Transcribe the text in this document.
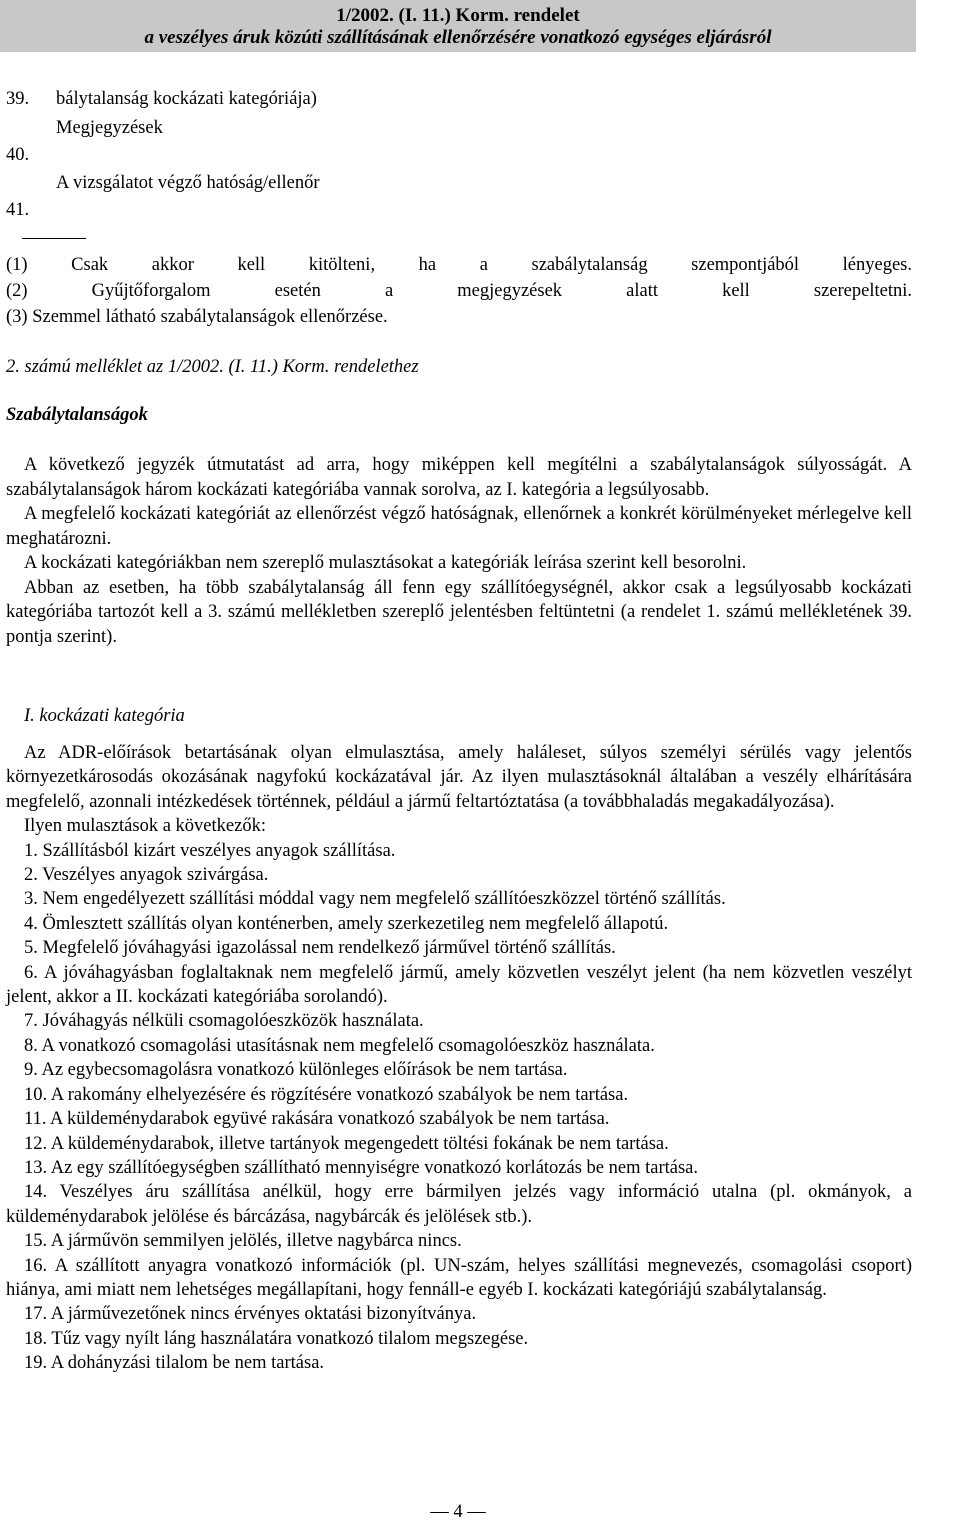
1/2002. (I. 11.) Korm. rendelet
a veszélyes áruk közúti szállításának ellenőrzésére vonatkozó egységes eljárásról
39. bálytalanság kockázati kategóriája)
Megjegyzések
40.
A vizsgálatot végző hatóság/ellenőr
41.
(1) Csak akkor kell kitölteni, ha a szabálytalanság szempontjából lényeges.
(2) Gyűjtőforgalom esetén a megjegyzések alatt kell szerepeltetni.
(3) Szemmel látható szabálytalanságok ellenőrzése.
2. számú melléklet az 1/2002. (I. 11.) Korm. rendelethez
Szabálytalanságok

A következő jegyzék útmutatást ad arra, hogy miképpen kell megítélni a szabálytalanságok súlyosságát. A szabálytalanságok három kockázati kategóriába vannak sorolva, az I. kategória a legsúlyosabb.

A megfelelő kockázati kategóriát az ellenőrzést végző hatóságnak, ellenőrnek a konkrét körülményeket mérlegelve kell meghatározni.

A kockázati kategóriákban nem szereplő mulasztásokat a kategóriák leírása szerint kell besorolni.

Abban az esetben, ha több szabálytalanság áll fenn egy szállítóegységnél, akkor csak a legsúlyosabb kockázati kategóriába tartozót kell a 3. számú mellékletben szereplő jelentésben feltüntetni (a rendelet 1. számú mellékletének 39. pontja szerint).

I. kockázati kategória

Az ADR-előírások betartásának olyan elmulasztása, amely haláleset, súlyos személyi sérülés vagy jelentős környezetkárosodás okozásának nagyfokú kockázatával jár. Az ilyen mulasztásoknál általában a veszély elhárítására megfelelő, azonnali intézkedések történnek, például a jármű feltartóztatása (a továbbhaladás megakadályozása).

Ilyen mulasztások a következők:

1. Szállításból kizárt veszélyes anyagok szállítása.

2. Veszélyes anyagok szivárgása.

3. Nem engedélyezett szállítási móddal vagy nem megfelelő szállítóeszközzel történő szállítás.

4. Ömlesztett szállítás olyan konténerben, amely szerkezetileg nem megfelelő állapotú.

5. Megfelelő jóváhagyási igazolással nem rendelkező járművel történő szállítás.

6. A jóváhagyásban foglaltaknak nem megfelelő jármű, amely közvetlen veszélyt jelent (ha nem közvetlen veszélyt jelent, akkor a II. kockázati kategóriába sorolandó).

7. Jóváhagyás nélküli csomagolóeszközök használata.

8. A vonatkozó csomagolási utasításnak nem megfelelő csomagolóeszköz használata.

9. Az egybecsomagolásra vonatkozó különleges előírások be nem tartása.

10. A rakomány elhelyezésére és rögzítésére vonatkozó szabályok be nem tartása.

11. A küldeménydarabok együvé rakására vonatkozó szabályok be nem tartása.

12. A küldeménydarabok, illetve tartányok megengedett töltési fokának be nem tartása.

13. Az egy szállítóegységben szállítható mennyiségre vonatkozó korlátozás be nem tartása.

14. Veszélyes áru szállítása anélkül, hogy erre bármilyen jelzés vagy információ utalna (pl. okmányok, a küldeménydarabok jelölése és bárcázása, nagybárcák és jelölések stb.).

15. A járművön semmilyen jelölés, illetve nagybárca nincs.

16. A szállított anyagra vonatkozó információk (pl. UN-szám, helyes szállítási megnevezés, csomagolási csoport) hiánya, ami miatt nem lehetséges megállapítani, hogy fennáll-e egyéb I. kockázati kategóriájú szabálytalanság.

17. A járművezetőnek nincs érvényes oktatási bizonyítványa.

18. Tűz vagy nyílt láng használatára vonatkozó tilalom megszegése.

19. A dohányzási tilalom be nem tartása.

— 4 —
